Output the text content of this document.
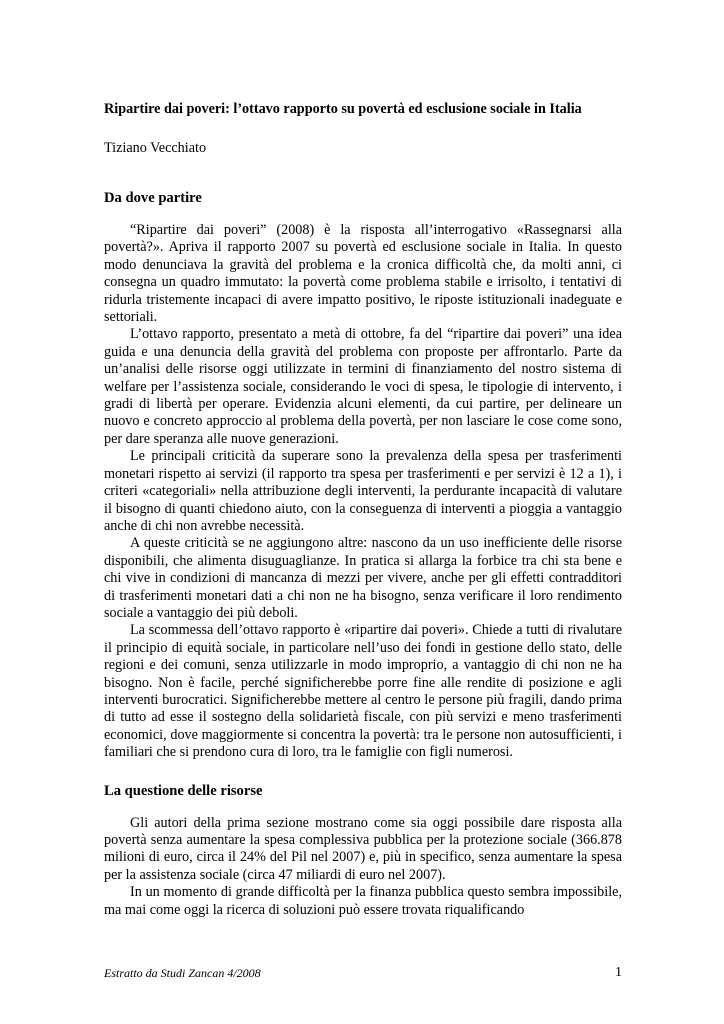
Ripartire dai poveri: l’ottavo rapporto su povertà ed esclusione sociale in Italia

Tiziano Vecchiato

Da dove partire

“Ripartire dai poveri” (2008) è la risposta all’interrogativo «Rassegnarsi alla povertà?». Apriva il rapporto 2007 su povertà ed esclusione sociale in Italia. In questo modo denunciava la gravità del problema e la cronica difficoltà che, da molti anni, ci consegna un quadro immutato: la povertà come problema stabile e irrisolto, i tentativi di ridurla tristemente incapaci di avere impatto positivo, le riposte istituzionali inadeguate e settoriali.

L’ottavo rapporto, presentato a metà di ottobre, fa del “ripartire dai poveri” una idea guida e una denuncia della gravità del problema con proposte per affrontarlo. Parte da un’analisi delle risorse oggi utilizzate in termini di finanziamento del nostro sistema di welfare per l’assistenza sociale, considerando le voci di spesa, le tipologie di intervento, i gradi di libertà per operare. Evidenzia alcuni elementi, da cui partire, per delineare un nuovo e concreto approccio al problema della povertà, per non lasciare le cose come sono, per dare speranza alle nuove generazioni.

Le principali criticità da superare sono la prevalenza della spesa per trasferimenti monetari rispetto ai servizi (il rapporto tra spesa per trasferimenti e per servizi è 12 a 1), i criteri «categoriali» nella attribuzione degli interventi, la perdurante incapacità di valutare il bisogno di quanti chiedono aiuto, con la conseguenza di interventi a pioggia a vantaggio anche di chi non avrebbe necessità.

A queste criticità se ne aggiungono altre: nascono da un uso inefficiente delle risorse disponibili, che alimenta disuguaglianze. In pratica si allarga la forbice tra chi sta bene e chi vive in condizioni di mancanza di mezzi per vivere, anche per gli effetti contradditori di trasferimenti monetari dati a chi non ne ha bisogno, senza verificare il loro rendimento sociale a vantaggio dei più deboli.

La scommessa dell’ottavo rapporto è «ripartire dai poveri». Chiede a tutti di rivalutare il principio di equità sociale, in particolare nell’uso dei fondi in gestione dello stato, delle regioni e dei comuni, senza utilizzarle in modo improprio, a vantaggio di chi non ne ha bisogno. Non è facile, perché significherebbe porre fine alle rendite di posizione e agli interventi burocratici. Significherebbe mettere al centro le persone più fragili, dando prima di tutto ad esse il sostegno della solidarietà fiscale, con più servizi e meno trasferimenti economici, dove maggiormente si concentra la povertà: tra le persone non autosufficienti, i familiari che si prendono cura di loro, tra le famiglie con figli numerosi.

La questione delle risorse

Gli autori della prima sezione mostrano come sia oggi possibile dare risposta alla povertà senza aumentare la spesa complessiva pubblica per la protezione sociale (366.878 milioni di euro, circa il 24% del Pil nel 2007) e, più in specifico, senza aumentare la spesa per la assistenza sociale (circa 47 miliardi di euro nel 2007).

In un momento di grande difficoltà per la finanza pubblica questo sembra impossibile, ma mai come oggi la ricerca di soluzioni può essere trovata riqualificando

Estratto da Studi Zancan 4/2008	1
